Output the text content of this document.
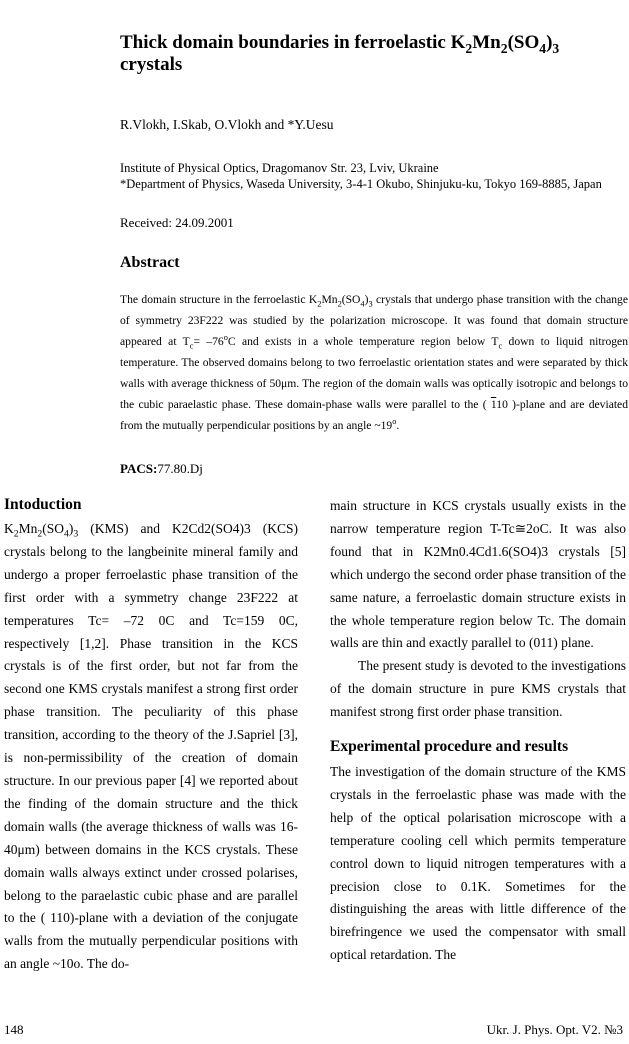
Thick domain boundaries in ferroelastic $K_2Mn_2(SO_4)_3$ crystals
R.Vlokh, I.Skab, O.Vlokh and *Y.Uesu
Institute of Physical Optics, Dragomanov Str. 23, Lviv, Ukraine
*Department of Physics, Waseda University, 3-4-1 Okubo, Shinjuku-ku, Tokyo 169-8885, Japan
Received: 24.09.2001
Abstract
The domain structure in the ferroelastic $K_2Mn_2(SO_4)_3$ crystals that undergo phase transition with the change of symmetry 23F222 was studied by the polarization microscope. It was found that domain structure appeared at $T_c= -76^oC$ and exists in a whole temperature region below $T_c$ down to liquid nitrogen temperature. The observed domains belong to two ferroelastic orientation states and were separated by thick walls with average thickness of 50μm. The region of the domain walls was optically isotropic and belongs to the cubic paraelastic phase. These domain-phase walls were parallel to the ( 110 )-plane and are deviated from the mutually perpendicular positions by an angle ~19$^o$.
PACS:77.80.Dj
Intoduction
$K_2Mn_2(SO_4)_3$ (KMS) and K2Cd2(SO4)3 (KCS) crystals belong to the langbeinite mineral family and undergo a proper ferroelastic phase transition of the first order with a symmetry change 23F222 at temperatures Tc= –72 0C and Tc=159 0C, respectively [1,2]. Phase transition in the KCS crystals is of the first order, but not far from the second one KMS crystals manifest a strong first order phase transition. The peculiarity of this phase transition, according to the theory of the J.Sapriel [3], is non-permissibility of the creation of domain structure. In our previous paper [4] we reported about the finding of the domain structure and the thick domain walls (the average thickness of walls was 16-40μm) between domains in the KCS crystals. These domain walls always extinct under crossed polarises, belong to the paraelastic cubic phase and are parallel to the ( 110)-plane with a deviation of the conjugate walls from the mutually perpendicular positions with an angle ~10o. The do-
main structure in KCS crystals usually exists in the narrow temperature region T-Tc≅2oC. It was also found that in K2Mn0.4Cd1.6(SO4)3 crystals [5] which undergo the second order phase transition of the same nature, a ferroelastic domain structure exists in the whole temperature region below Tc. The domain walls are thin and exactly parallel to (011) plane.
The present study is devoted to the investigations of the domain structure in pure KMS crystals that manifest strong first order phase transition.
Experimental procedure and results
The investigation of the domain structure of the KMS crystals in the ferroelastic phase was made with the help of the optical polarisation microscope with a temperature cooling cell which permits temperature control down to liquid nitrogen temperatures with a precision close to 0.1K. Sometimes for the distinguishing the areas with little difference of the birefringence we used the compensator with small optical retardation. The
148	Ukr. J. Phys. Opt. V2. №3
